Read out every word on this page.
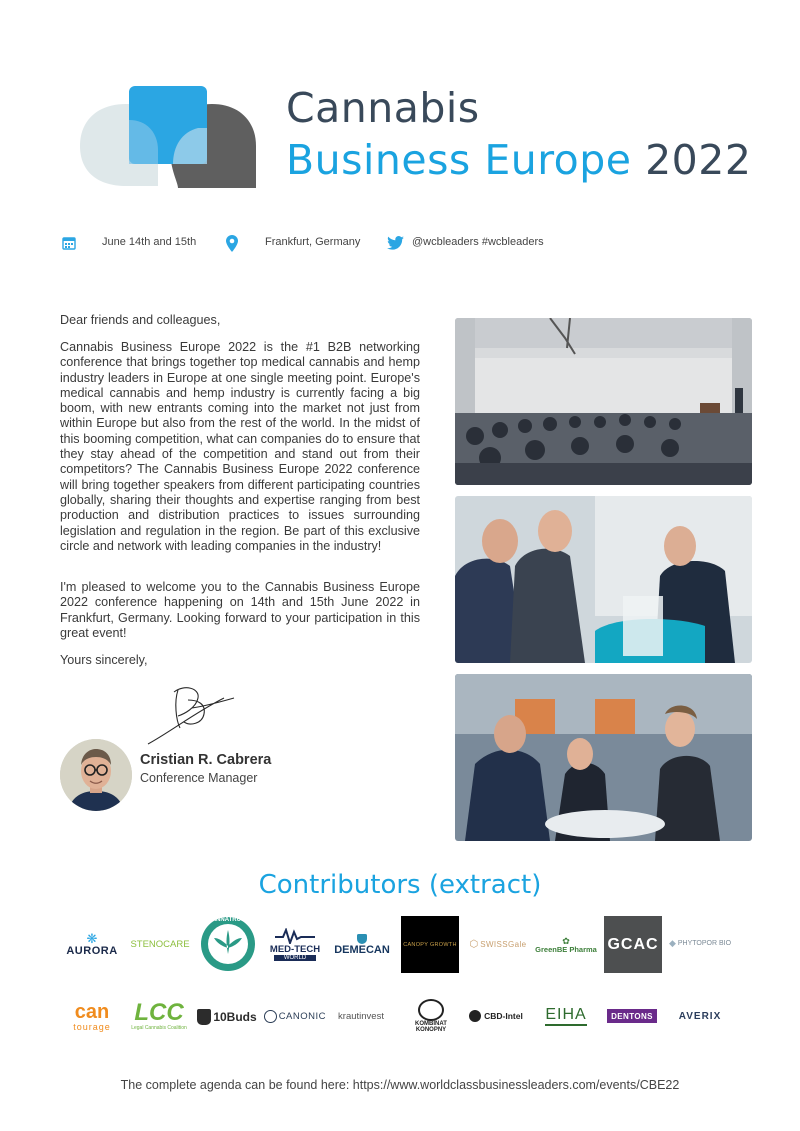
Cannabis
Business Europe 2022
June 14th and 15th	Frankfurt, Germany	@wcbleaders #wcbleaders

Dear friends and colleagues,

Cannabis Business Europe 2022 is the #1 B2B networking conference that brings together top medical cannabis and hemp industry leaders in Europe at one single meeting point. Europe's medical cannabis and hemp industry is currently facing a big boom, with new entrants coming into the market not just from within Europe but also from the rest of the world. In the midst of this booming competition, what can companies do to ensure that they stay ahead of the competition and stand out from their competitors? The Cannabis Business Europe 2022 conference will bring together speakers from different participating countries globally, sharing their thoughts and expertise ranging from best production and distribution practices to issues surrounding legislation and regulation in the region. Be part of this exclusive circle and network with leading companies in the industry!

I'm pleased to welcome you to the Cannabis Business Europe 2022 conference happening on 14th and 15th June 2022 in Frankfurt, Germany. Looking forward to your participation in this great event!

Yours sincerely,

Cristian R. Cabrera
Conference Manager
Contributors (extract)
❋
AURORA
STENOCARE
CANNATRUST
MED-TECH
WORLD
DEMECAN CANOPY GROWTH ⬡ SWISSGale	✿
GreenBE Pharma GCAC ◆ PHYTOPOR BIO
can
tourage
LCC
Legal Cannabis Coalition
10Buds CANONIC krautinvest
KOMBINAT
KONOPNY
CBD-Intel EIHA	DENTONS	AVERIX
The complete agenda can be found here: https://www.worldclassbusinessleaders.com/events/CBE22
